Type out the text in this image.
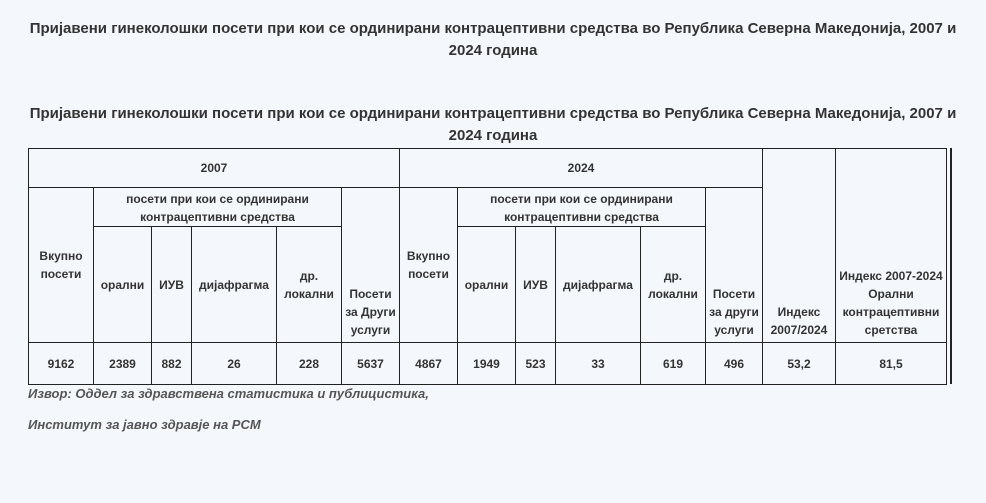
Пријавени гинеколошки посети при кои се ординирани контрацептивни средства во Република Северна Македонија, 2007 и 2024 година
Пријавени гинеколошки посети при кои се ординирани контрацептивни средства во Република Северна Македонија, 2007 и 2024 година
2007						2024						Индекс 2007/2024	Индекс 2007-2024 Орални контрацептивни сретства
Вкупно посети	посети при кои се ординирани контрацептивни средства				Посети за Други услуги	Вкупно посети	посети при кои се ординирани контрацептивни средства				Посети за други услуги		
	орални	ИУВ	дијафрагма	др. локални			орални	ИУВ	дијафрагма	др. локални			
9162	2389	882	26	228	5637	4867	1949	523	33	619	496	53,2	81,5
Извор: Оддел за здравствена статистика и публицистика,
Институт за јавно здравје на РСМ
